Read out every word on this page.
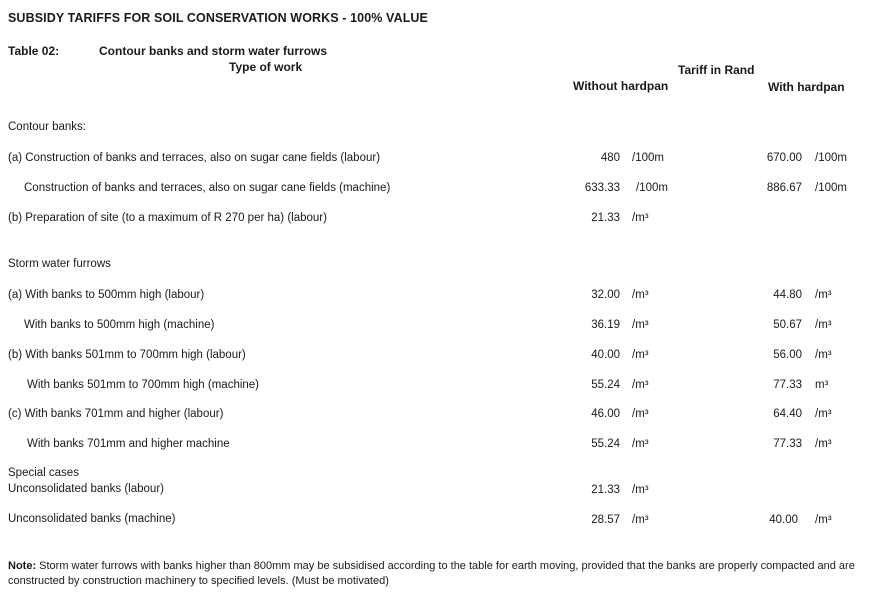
SUBSIDY TARIFFS FOR SOIL CONSERVATION WORKS - 100% VALUE
Table 02:	Contour banks and storm water furrows
Type of work	Tariff in Rand
Without hardpan	With hardpan
Contour banks:
Storm water furrows
Special cases
(a) Construction of banks and terraces, also on sugar cane fields (labour)	480 /100m	670.00 /100m
Construction of banks and terraces, also on sugar cane fields (machine)	633.33 /100m	886.67 /100m
(b) Preparation of site (to a maximum of R 270 per ha) (labour)	21.33 /m³
(a) With banks to 500mm high (labour)	32.00 /m³	44.80 /m³
With banks to 500mm high (machine)	36.19 /m³	50.67 /m³
(b) With banks 501mm to 700mm high (labour)	40.00 /m³	56.00 /m³
With banks 501mm to 700mm high (machine)	55.24 /m³	77.33 m³
(c) With banks 701mm and higher (labour)	46.00 /m³	64.40 /m³
With banks 701mm and higher machine	55.24 /m³	77.33 /m³
Unconsolidated banks (labour)	21.33 /m³
Unconsolidated banks (machine)	28.57 /m³	40.00 /m³
Note: Storm water furrows with banks higher than 800mm may be subsidised according to the table for earth moving, provided that the banks are properly compacted and are constructed by construction machinery to specified levels. (Must be motivated)
